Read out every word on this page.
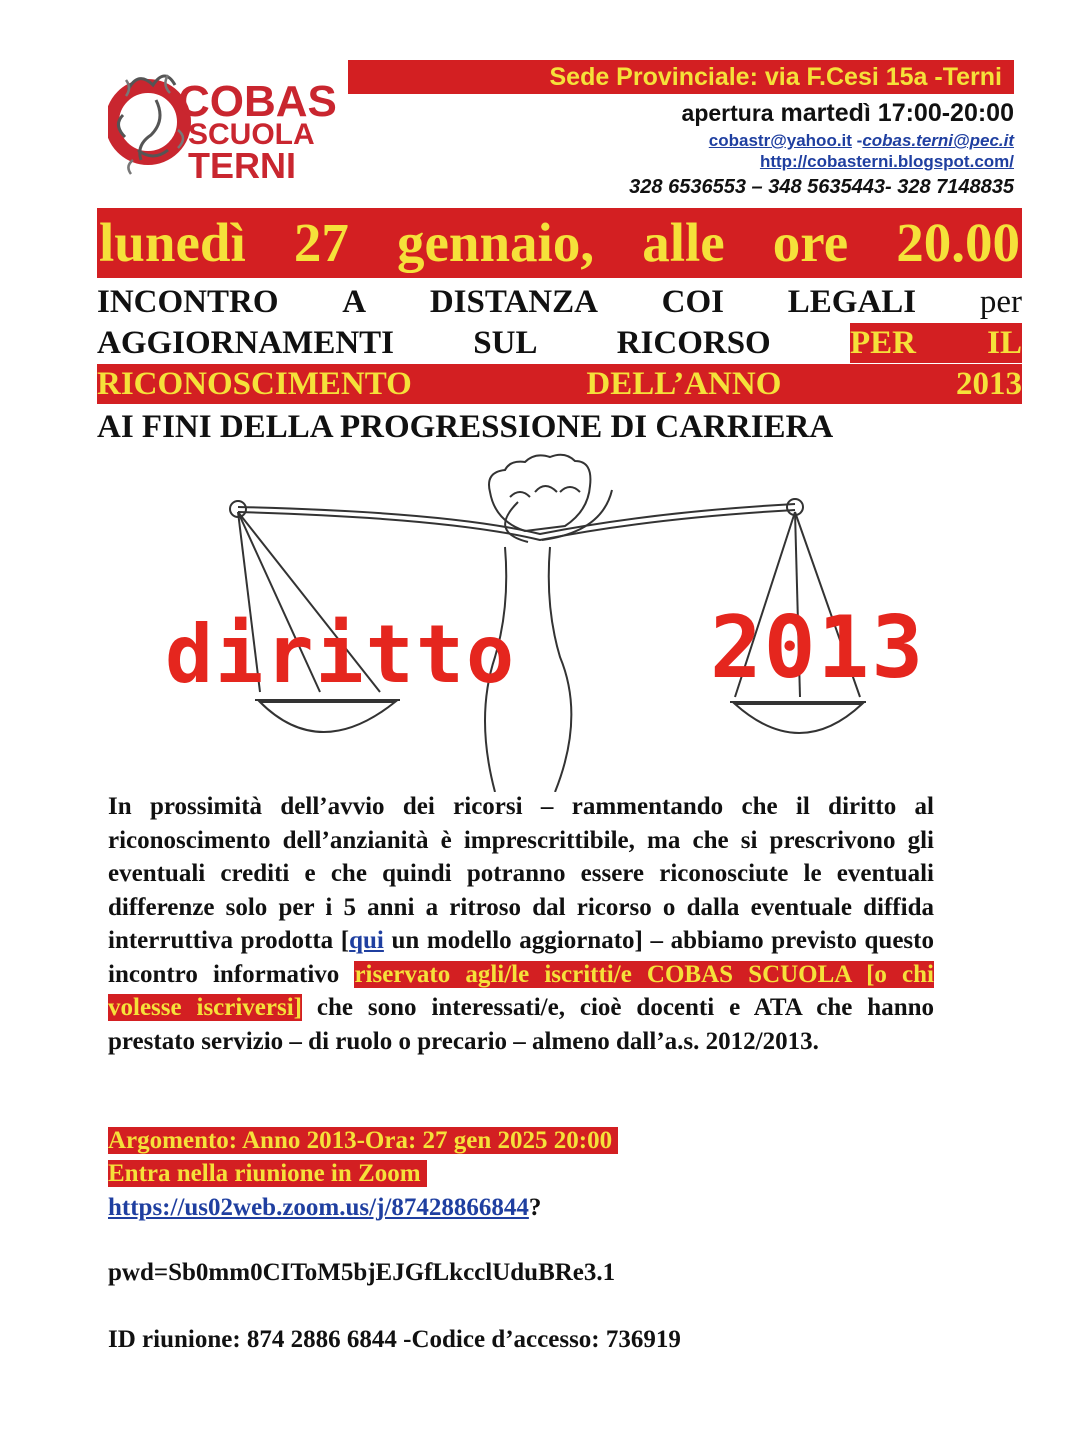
COBAS
SCUOLA
TERNI
Sede Provinciale: via F.Cesi 15a -Terni
apertura martedì 17:00-20:00
cobastr@yahoo.it -cobas.terni@pec.it
http://cobasterni.blogspot.com/
328 6536553 – 348 5635443- 328 7148835
lunedì 27 gennaio, alle ore 20.00
INCONTRO A DISTANZA COI LEGALI per
AGGIORNAMENTI SUL RICORSO PER IL
RICONOSCIMENTO	DELL’ANNO	2013
AI FINI DELLA PROGRESSIONE DI CARRIERA
diritto 2013
In prossimità dell’avvio dei ricorsi – rammentando che il diritto al riconoscimento dell’anzianità è imprescrittibile, ma che si prescrivono gli eventuali crediti e che quindi potranno essere riconosciute le eventuali differenze solo per i 5 anni a ritroso dal ricorso o dalla eventuale diffida interruttiva prodotta [qui un modello aggiornato] – abbiamo previsto questo incontro informativo riservato agli/le iscritti/e COBAS SCUOLA [o chi volesse iscriversi] che sono interessati/e, cioè docenti e ATA che hanno prestato servizio – di ruolo o precario – almeno dall’a.s. 2012/2013.
Argomento: Anno 2013-Ora: 27 gen 2025 20:00
Entra nella riunione in Zoom
https://us02web.zoom.us/j/87428866844?
pwd=Sb0mm0CIToM5bjEJGfLkcclUduBRe3.1
ID riunione: 874 2886 6844 -Codice d’accesso: 736919
